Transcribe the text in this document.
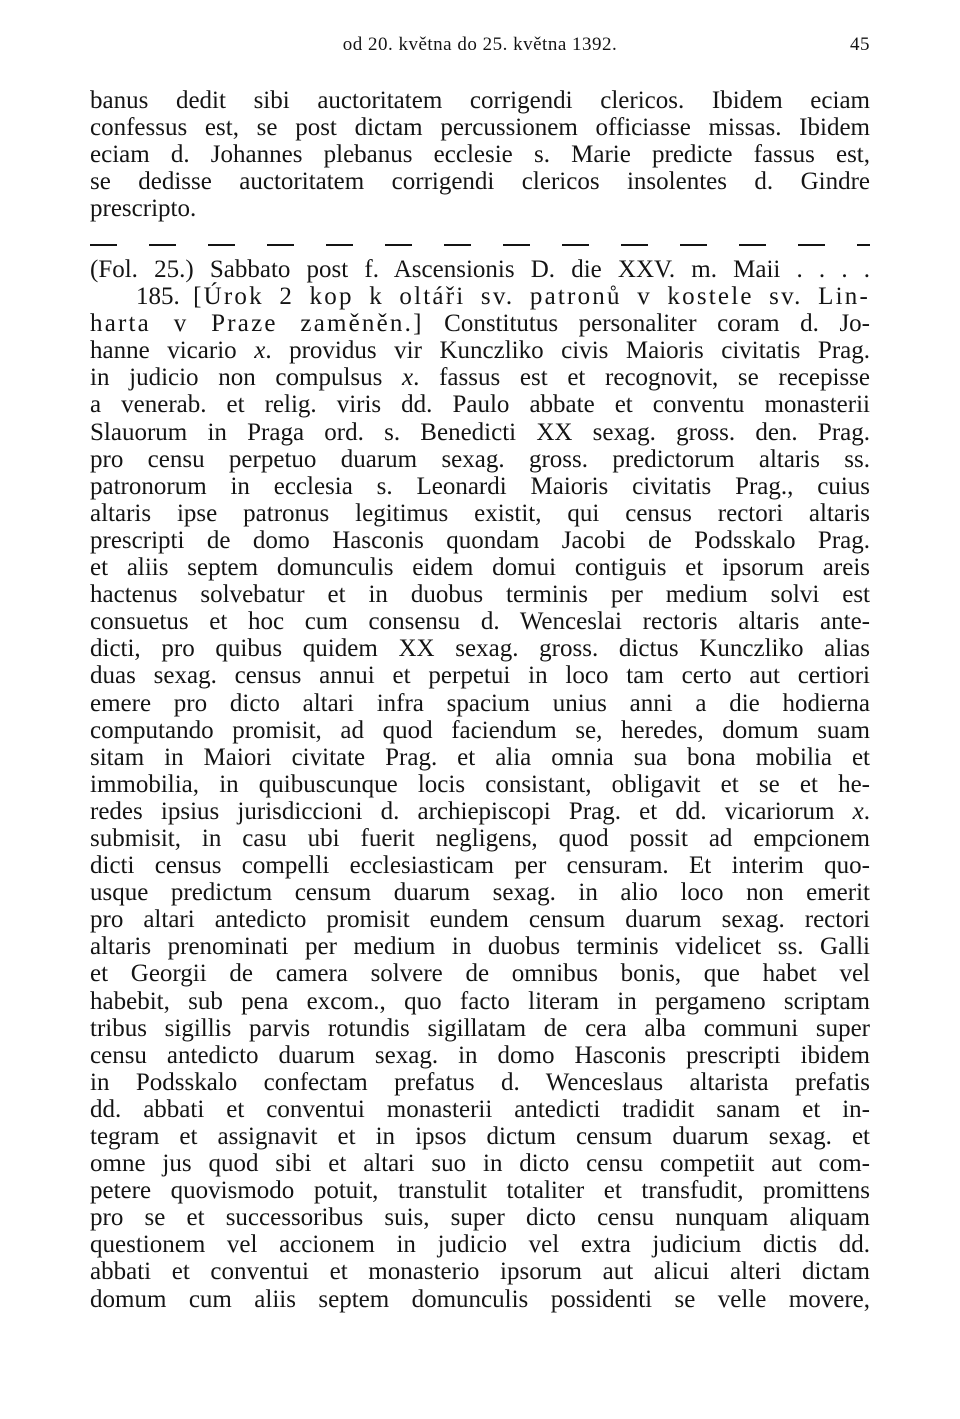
od 20. května do 25. května 1392.	45
banus dedit sibi auctoritatem corrigendi clericos. Ibidem eciam
confessus est, se post dictam percussionem officiasse missas. Ibidem
eciam d. Johannes plebanus ecclesie s. Marie predicte fassus est,
se dedisse auctoritatem corrigendi clericos insolentes d. Gindre
prescripto.
(Fol. 25.) Sabbato post f. Ascensionis D. die XXV. m. Maii . . . .
185. [Úrok 2 kop k oltáři sv. patronů v kostele sv. Lin-
harta v Praze zaměněn.] Constitutus personaliter coram d. Jo-
hanne vicario x. providus vir Kunczliko civis Maioris civitatis Prag.
in judicio non compulsus x. fassus est et recognovit, se recepisse
a venerab. et relig. viris dd. Paulo abbate et conventu monasterii
Slauorum in Praga ord. s. Benedicti XX sexag. gross. den. Prag.
pro censu perpetuo duarum sexag. gross. predictorum altaris ss.
patronorum in ecclesia s. Leonardi Maioris civitatis Prag., cuius
altaris ipse patronus legitimus existit, qui census rectori altaris
prescripti de domo Hasconis quondam Jacobi de Podsskalo Prag.
et aliis septem domunculis eidem domui contiguis et ipsorum areis
hactenus solvebatur et in duobus terminis per medium solvi est
consuetus et hoc cum consensu d. Wenceslai rectoris altaris ante-
dicti, pro quibus quidem XX sexag. gross. dictus Kunczliko alias
duas sexag. census annui et perpetui in loco tam certo aut certiori
emere pro dicto altari infra spacium unius anni a die hodierna
computando promisit, ad quod faciendum se, heredes, domum suam
sitam in Maiori civitate Prag. et alia omnia sua bona mobilia et
immobilia, in quibuscunque locis consistant, obligavit et se et he-
redes ipsius jurisdiccioni d. archiepiscopi Prag. et dd. vicariorum x.
submisit, in casu ubi fuerit negligens, quod possit ad empcionem
dicti census compelli ecclesiasticam per censuram. Et interim quo-
usque predictum censum duarum sexag. in alio loco non emerit
pro altari antedicto promisit eundem censum duarum sexag. rectori
altaris prenominati per medium in duobus terminis videlicet ss. Galli
et Georgii de camera solvere de omnibus bonis, que habet vel
habebit, sub pena excom., quo facto literam in pergameno scriptam
tribus sigillis parvis rotundis sigillatam de cera alba communi super
censu antedicto duarum sexag. in domo Hasconis prescripti ibidem
in Podsskalo confectam prefatus d. Wenceslaus altarista prefatis
dd. abbati et conventui monasterii antedicti tradidit sanam et in-
tegram et assignavit et in ipsos dictum censum duarum sexag. et
omne jus quod sibi et altari suo in dicto censu competiit aut com-
petere quovismodo potuit, transtulit totaliter et transfudit, promittens
pro se et successoribus suis, super dicto censu nunquam aliquam
questionem vel accionem in judicio vel extra judicium dictis dd.
abbati et conventui et monasterio ipsorum aut alicui alteri dictam
domum cum aliis septem domunculis possidenti se velle movere,
